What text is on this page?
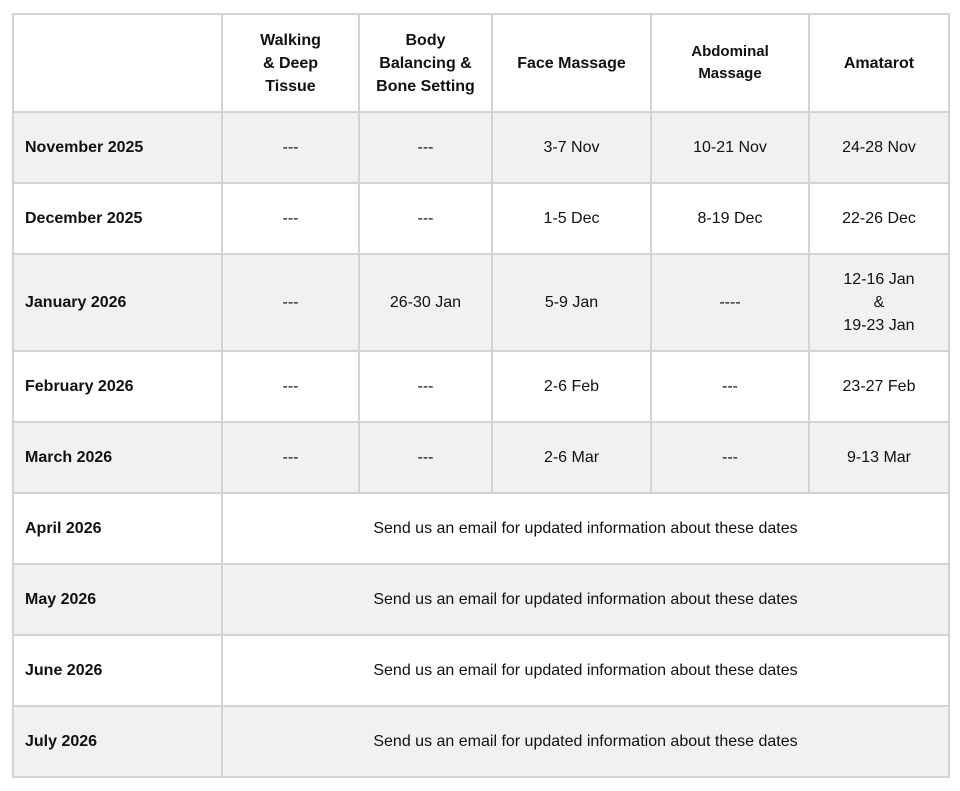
	Walking
& Deep
Tissue	Body
Balancing &
Bone Setting	Face Massage	Abdominal
Massage	Amatarot
November 2025	---	---	3-7 Nov	10-21 Nov	24-28 Nov
December 2025	---	---	1-5 Dec	8-19 Dec	22-26 Dec
January 2026	---	26-30 Jan	5-9 Jan	----	12-16 Jan
&
19-23 Jan

February 2026	---	---	2-6 Feb	---	23-27 Feb
March 2026	---	---	2-6 Mar	---	9-13 Mar
April 2026	Send us an email for updated information about these dates				
May 2026	Send us an email for updated information about these dates				
June 2026	Send us an email for updated information about these dates				
July 2026	Send us an email for updated information about these dates				
